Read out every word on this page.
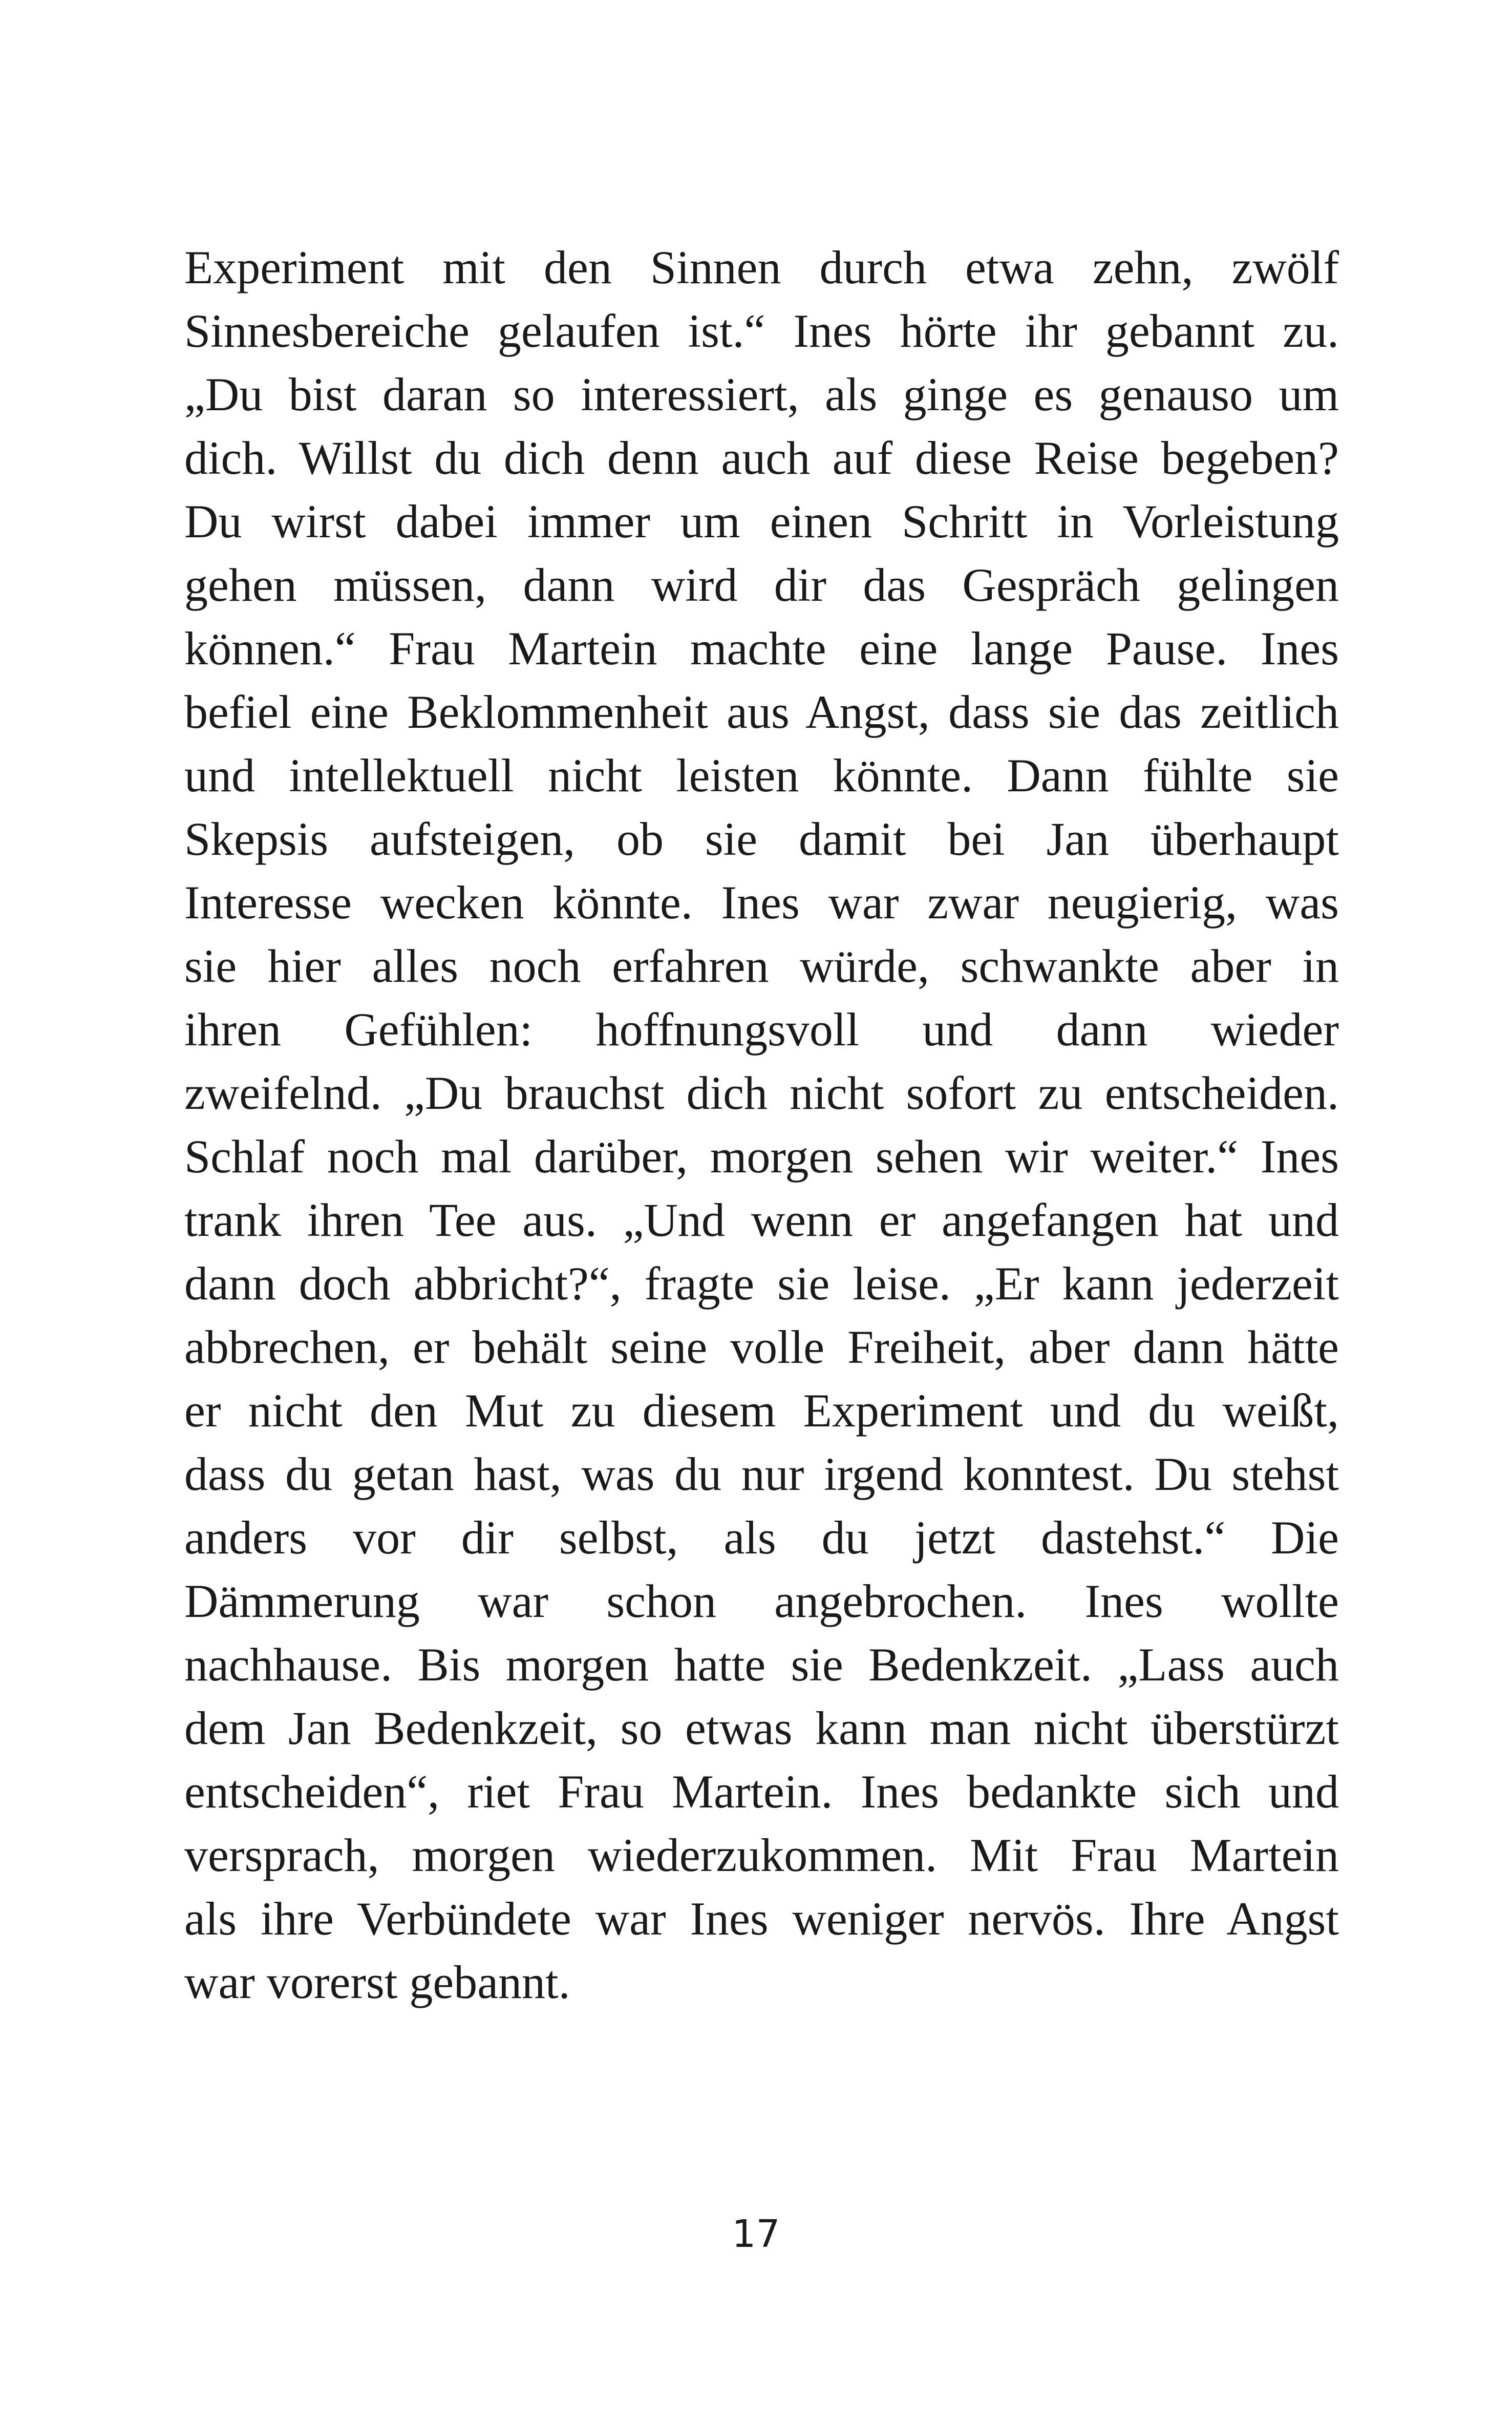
Experiment mit den Sinnen durch etwa zehn, zwölf
Sinnesbereiche gelaufen ist.“ Ines hörte ihr gebannt zu.
„Du bist daran so interessiert, als ginge es genauso um
dich. Willst du dich denn auch auf diese Reise begeben?
Du wirst dabei immer um einen Schritt in Vorleistung
gehen müssen, dann wird dir das Gespräch gelingen
können.“ Frau Martein machte eine lange Pause. Ines
befiel eine Beklommenheit aus Angst, dass sie das zeitlich
und intellektuell nicht leisten könnte. Dann fühlte sie
Skepsis aufsteigen, ob sie damit bei Jan überhaupt
Interesse wecken könnte. Ines war zwar neugierig, was
sie hier alles noch erfahren würde, schwankte aber in
ihren Gefühlen: hoffnungsvoll und dann wieder
zweifelnd. „Du brauchst dich nicht sofort zu entscheiden.
Schlaf noch mal darüber, morgen sehen wir weiter.“ Ines
trank ihren Tee aus. „Und wenn er angefangen hat und
dann doch abbricht?“, fragte sie leise. „Er kann jederzeit
abbrechen, er behält seine volle Freiheit, aber dann hätte
er nicht den Mut zu diesem Experiment und du weißt,
dass du getan hast, was du nur irgend konntest. Du stehst
anders vor dir selbst, als du jetzt dastehst.“ Die
Dämmerung war schon angebrochen. Ines wollte
nachhause. Bis morgen hatte sie Bedenkzeit. „Lass auch
dem Jan Bedenkzeit, so etwas kann man nicht überstürzt
entscheiden“, riet Frau Martein. Ines bedankte sich und
versprach, morgen wiederzukommen. Mit Frau Martein
als ihre Verbündete war Ines weniger nervös. Ihre Angst
war vorerst gebannt.
17
